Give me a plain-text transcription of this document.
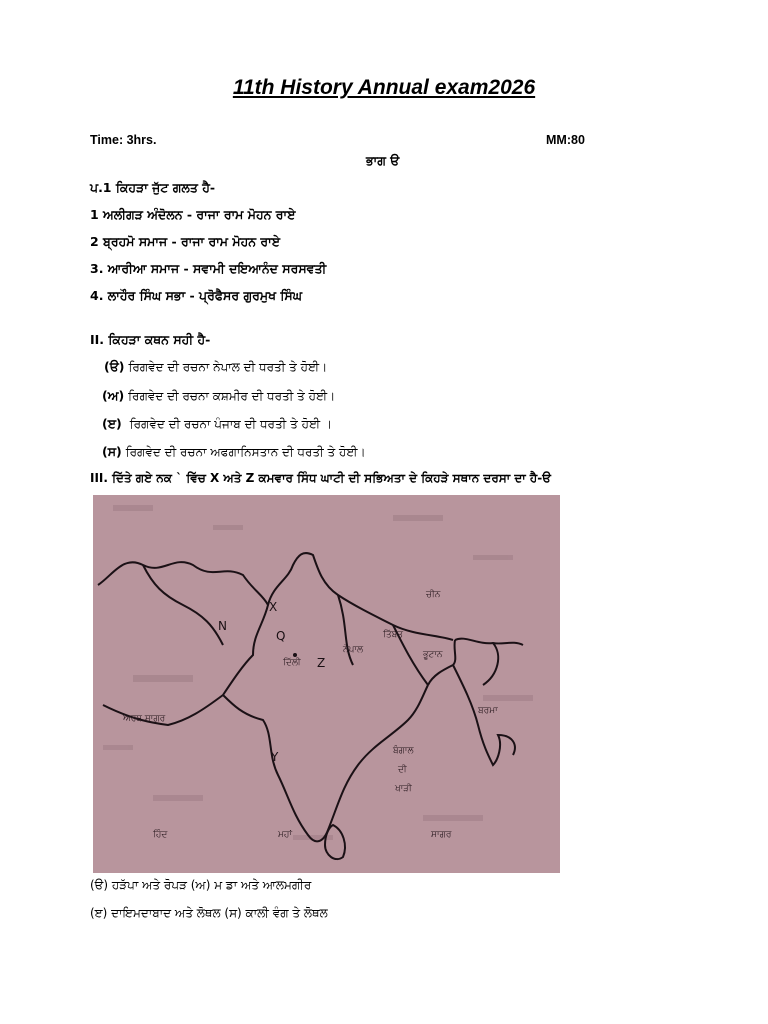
11th History Annual exam2026
Time: 3hrs.	MM:80
ਭਾਗ ੳ
ਪ.1 ਕਿਹੜਾ ਜੁੱਟ ਗਲਤ ਹੈ-
1 ਅਲੀਗੜ ਅੰਦੋਲਨ - ਰਾਜਾ ਰਾਮ ਮੋਹਨ ਰਾਏ
2 ਬ੍ਰਹਮੋ ਸਮਾਜ - ਰਾਜਾ ਰਾਮ ਮੋਹਨ ਰਾਏ
3. ਆਰੀਆ ਸਮਾਜ - ਸਵਾਮੀ ਦਇਆਨੰਦ ਸਰਸਵਤੀ
4. ਲਾਹੌਰ ਸਿੰਘ ਸਭਾ - ਪ੍ਰੋਫੈਸਰ ਗੁਰਮੁਖ ਸਿੰਘ
II. ਕਿਹੜਾ ਕਥਨ ਸਹੀ ਹੈ-
(ੳ) ਰਿਗਵੇਦ ਦੀ ਰਚਨਾ ਨੇਪਾਲ ਦੀ ਧਰਤੀ ਤੇ ਹੋਈ।
(ਅ) ਰਿਗਵੇਦ ਦੀ ਰਚਨਾ ਕਸ਼ਮੀਰ ਦੀ ਧਰਤੀ ਤੇ ਹੋਈ।
(ੲ) ਰਿਗਵੇਦ ਦੀ ਰਚਨਾ ਪੰਜਾਬ ਦੀ ਧਰਤੀ ਤੇ ਹੋਈ ।
(ਸ) ਰਿਗਵੇਦ ਦੀ ਰਚਨਾ ਅਫਗਾਨਿਸਤਾਨ ਦੀ ਧਰਤੀ ਤੇ ਹੋਈ।
III. ਦਿੱਤੇ ਗਏ ਨਕ ` ਵਿੱਚ X ਅਤੇ Z ਕਮਵਾਰ ਸਿੰਧ ਘਾਟੀ ਦੀ ਸਭਿਅਤਾ ਦੇ ਕਿਹੜੇ ਸਥਾਨ ਦਰਸਾ ਦਾ ਹੈ-ੳ
X
N
Q
Z
Y
ਚੀਨ
ਤਿੱਬਤ
ਨੇਪਾਲ	ਭੂਟਾਨ
ਅਰਬ ਸਾਗਰ
ਬਰਮਾ
ਬੰਗਾਲ
ਦੀ
ਖਾੜੀ
ਹਿੰਦ	ਮਹਾਂ	ਸਾਗਰ
ਦਿੱਲੀ
(ੳ) ਹੜੱਪਾ ਅਤੇ ਰੋਪੜ (ਅ) ਮ ਡਾ ਅਤੇ ਆਲਮਗੀਰ
(ੲ) ਦਾਇਮਦਾਬਾਦ ਅਤੇ ਲੋਥਲ (ਸ) ਕਾਲੀ ਵੰਗ ਤੇ ਲੋਥਲ
